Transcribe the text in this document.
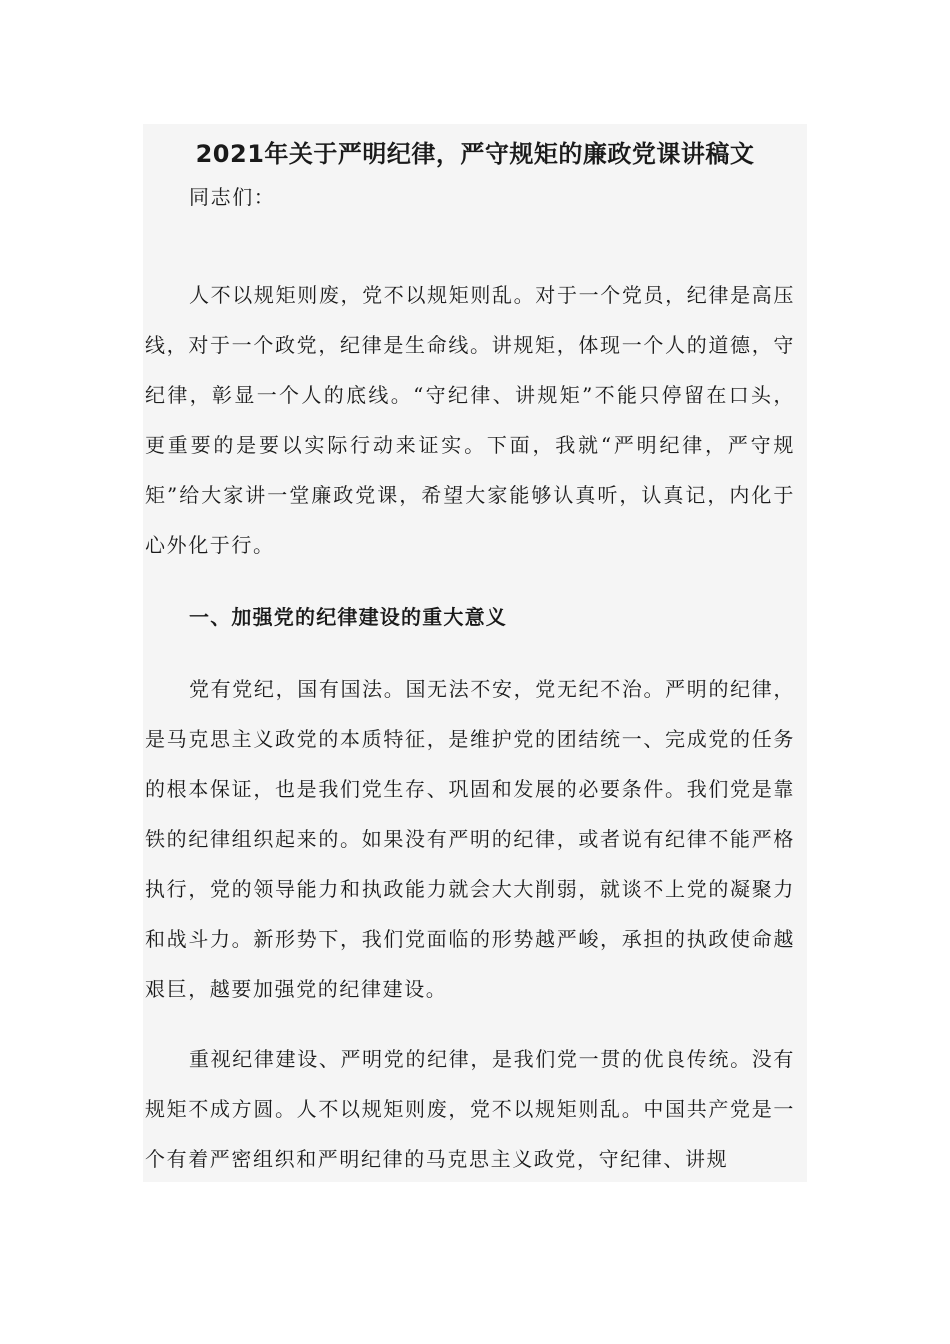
2021年关于严明纪律，严守规矩的廉政党课讲稿文

同志们：

人不以规矩则废，党不以规矩则乱。对于一个党员，纪律是高压线，对于一个政党，纪律是生命线。讲规矩，体现一个人的道德，守纪律，彰显一个人的底线。“守纪律、讲规矩”不能只停留在口头，更重要的是要以实际行动来证实。下面，我就“严明纪律，严守规矩”给大家讲一堂廉政党课，希望大家能够认真听，认真记，内化于心外化于行。

一、加强党的纪律建设的重大意义

党有党纪，国有国法。国无法不安，党无纪不治。严明的纪律，是马克思主义政党的本质特征，是维护党的团结统一、完成党的任务的根本保证，也是我们党生存、巩固和发展的必要条件。我们党是靠铁的纪律组织起来的。如果没有严明的纪律，或者说有纪律不能严格执行，党的领导能力和执政能力就会大大削弱，就谈不上党的凝聚力和战斗力。新形势下，我们党面临的形势越严峻，承担的执政使命越艰巨，越要加强党的纪律建设。

重视纪律建设、严明党的纪律，是我们党一贯的优良传统。没有规矩不成方圆。人不以规矩则废，党不以规矩则乱。中国共产党是一个有着严密组织和严明纪律的马克思主义政党，守纪律、讲规
